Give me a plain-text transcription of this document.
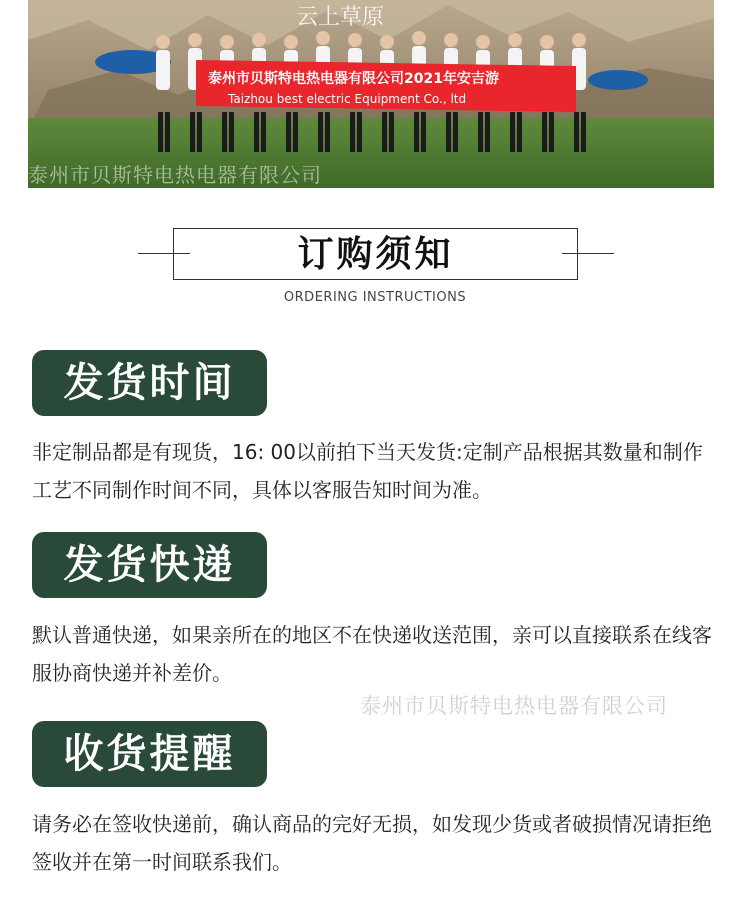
云上草原
泰州市贝斯特电热电器有限公司2021年安吉游
Taizhou best electric Equipment Co., ltd
泰州市贝斯特电热电器有限公司
订购须知
ORDERING INSTRUCTIONS
发货时间

非定制品都是有现货，16: 00以前拍下当天发货:定制产品根据其数量和制作工艺不同制作时间不同，具体以客服告知时间为准。

发货快递

默认普通快递，如果亲所在的地区不在快递收送范围，亲可以直接联系在线客服协商快递并补差价。

泰州市贝斯特电热电器有限公司
收货提醒

请务必在签收快递前，确认商品的完好无损，如发现少货或者破损情况请拒绝签收并在第一时间联系我们。
